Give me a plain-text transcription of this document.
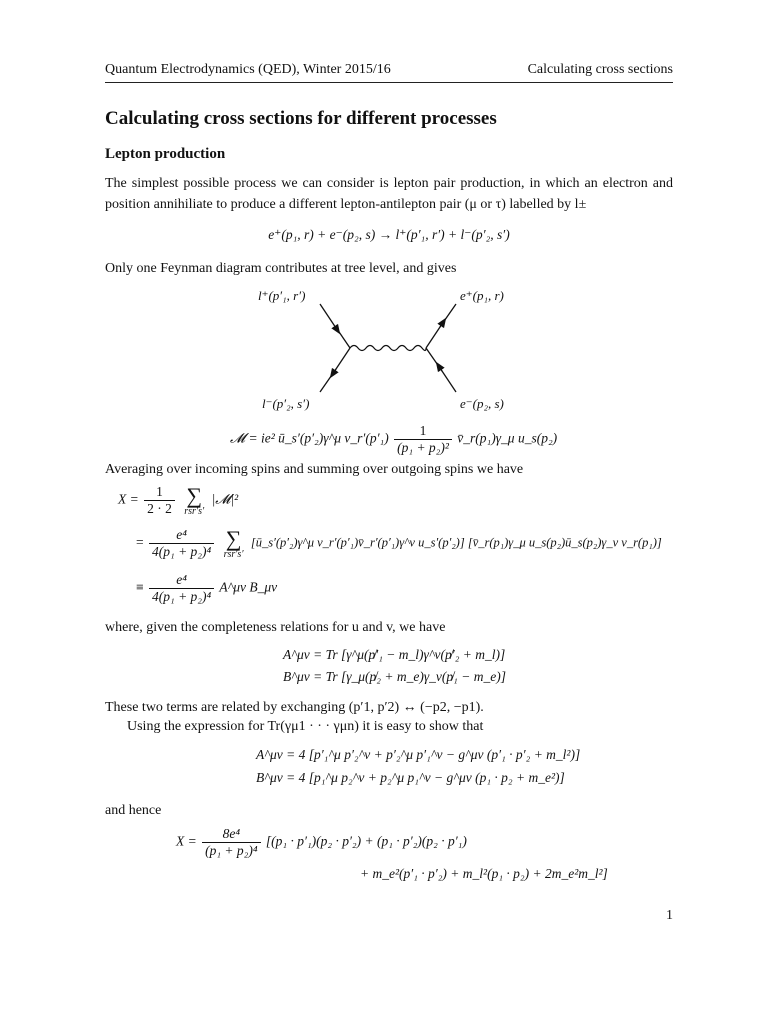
Quantum Electrodynamics (QED), Winter 2015/16	Calculating cross sections
Calculating cross sections for different processes
Lepton production
The simplest possible process we can consider is lepton pair production, in which an electron and position annihiliate to produce a different lepton-antilepton pair (μ or τ) labelled by l±
e⁺(p₁, r) + e⁻(p₂, s) → l⁺(p′₁, r′) + l⁻(p′₂, s′)
Only one Feynman diagram contributes at tree level, and gives
l⁺(p′₁, r′)	e⁺(p₁, r)
l⁻(p′₂, s′)	e⁻(p₂, s)
𝓜 = ie² ū_s′(p′₂)γ^μ v_r′(p′₁) $\frac{1}{\text{(p₁ + p₂)²}}$ v̄_r(p₁)γ_μ u_s(p₂)
Averaging over incoming spins and summing over outgoing spins we have
$X = \frac{1}{2 \cdot 2}$
∑
rsr′s′
|𝓜|²
= $\frac{\text{e⁴}}{\text{4(p₁ + p₂)⁴}}$
∑
rsr′s′
[ū_s′(p′₂)γ^μ v_r′(p′₁)v̄_r′(p′₁)γ^ν u_s′(p′₂)] [v̄_r(p₁)γ_μ u_s(p₂)ū_s(p₂)γ_ν v_r(p₁)]
≡ $\frac{\text{e⁴}}{\text{4(p₁ + p₂)⁴}}$ A^μν B_μν
where, given the completeness relations for u and v, we have
A^μν = Tr [γ^μ(p̸′₁ − m_l)γ^ν(p̸′₂ + m_l)]
B^μν = Tr [γ_μ(p̸₂ + m_e)γ_ν(p̸₁ − m_e)]
These two terms are related by exchanging (p′1, p′2) ↔ (−p2, −p1).
Using the expression for Tr(γμ1 · · · γμn) it is easy to show that
A^μν = 4 [p′₁^μ p′₂^ν + p′₂^μ p′₁^ν − g^μν (p′₁ · p′₂ + m_l²)]
B^μν = 4 [p₁^μ p₂^ν + p₂^μ p₁^ν − g^μν (p₁ · p₂ + m_e²)]
and hence
$X = \frac{\text{8e⁴}}{\text{(p₁ + p₂)⁴}} [(p_1 \cdot p'_1)(p_2 \cdot p'_2) + (p_1 \cdot p'_2)(p_2 \cdot p'_1)$
+ m_e²(p′₁ · p′₂) + m_l²(p₁ · p₂) + 2m_e²m_l²]
1
